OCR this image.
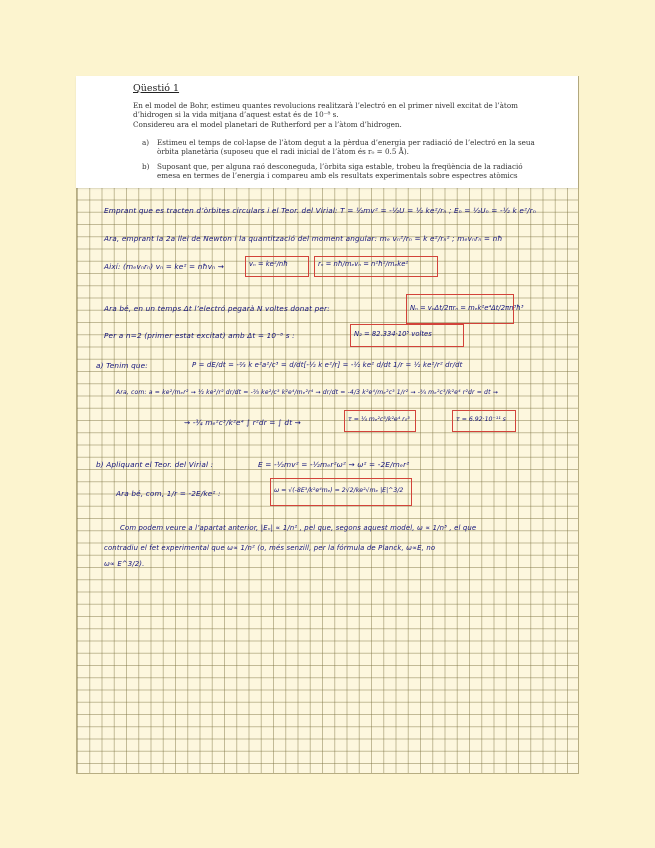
Qüestió 1
En el model de Bohr, estimeu quantes revolucions realitzarà l’electró en el primer nivell excitat de l’àtom d’hidrogen si la vida mitjana d’aquest estat és de 10⁻⁸ s.
Considereu ara el model planetari de Rutherford per a l’àtom d’hidrogen.
a) Estimeu el temps de col·lapse de l’àtom degut a la pèrdua d’energia per radiació de l’electró en la seua òrbita planetària (suposeu que el radi inicial de l’àtom és r₀ = 0.5 Å).
b) Suposant que, per alguna raó desconeguda, l’òrbita siga estable, trobeu la freqüència de la radiació emesa en termes de l’energia i compareu amb els resultats experimentals sobre espectres atòmics
Emprant que es tracten d’òrbites circulars i el Teor. del Virial: T = ½mv² = -½U = ½ ke²/rₙ ; Eₙ = ½Uₙ = -½ k e²/rₙ
Ara, emprant la 2a llei de Newton i la quantització del moment angular: mₑ vₙ²/rₙ = k e²/rₙ² ; mₑvₙrₙ = nħ
Així: (mₑvₙrₙ) vₙ = ke² = nħvₙ ⇝	vₙ = ke²/nħ	rₙ = nħ/mₑvₙ = n²ħ²/mₑke²
Ara bé, en un temps Δt l’electró pegarà N voltes donat per:	Nₙ = vₙΔt/2πrₙ = mₑk²e⁴Δt/2πn³ħ³
Per a n=2 (primer estat excitat) amb Δt = 10⁻⁸ s :	N₂ = 82.334·10⁵ voltes
a) Tenim que:	P = dE/dt = -⅔ k e²a²/c³ = d/dt[-½ k e²/r] = -½ ke² d/dt 1/r = ½ ke²/r² dr/dt
Ara, com: a = ke²/mₑr² ⇝ ½ ke²/r² dr/dt = -⅔ ke²/c³ k²e⁴/mₑ²r⁴ ⇝ dr/dt = -4/3 k²e⁴/mₑ²c³ 1/r² ⇝ -¾ mₑ²c³/k²e⁴ r²dr = dt ⇝
⇝ -¾ mₑ²c³/k²e⁴ ∫ r²dr = ∫ dt ⇝	τ = ¼ mₑ²c³/k²e⁴ r₀³	τ = 6.92·10⁻¹¹ s
b) Apliquant el Teor. del Virial :	E = -½mv² = -½mₑr²ω² ⇝ ω² = -2E/mₑr²
Ara bé, com, 1/r = -2E/ke² :	ω = √(-8E³/k²e⁴mₑ) = 2√2/ke²√mₑ |E|^3/2
Com podem veure a l’apartat anterior, |Eₙ| ∝ 1/n² , pel que, segons aquest model, ω ∝ 1/n³ , el que
contradiu el fet experimental que ω∝ 1/n² (o, més senzill, per la fórmula de Planck, ω∝E, no
ω∝ E^3/2).
